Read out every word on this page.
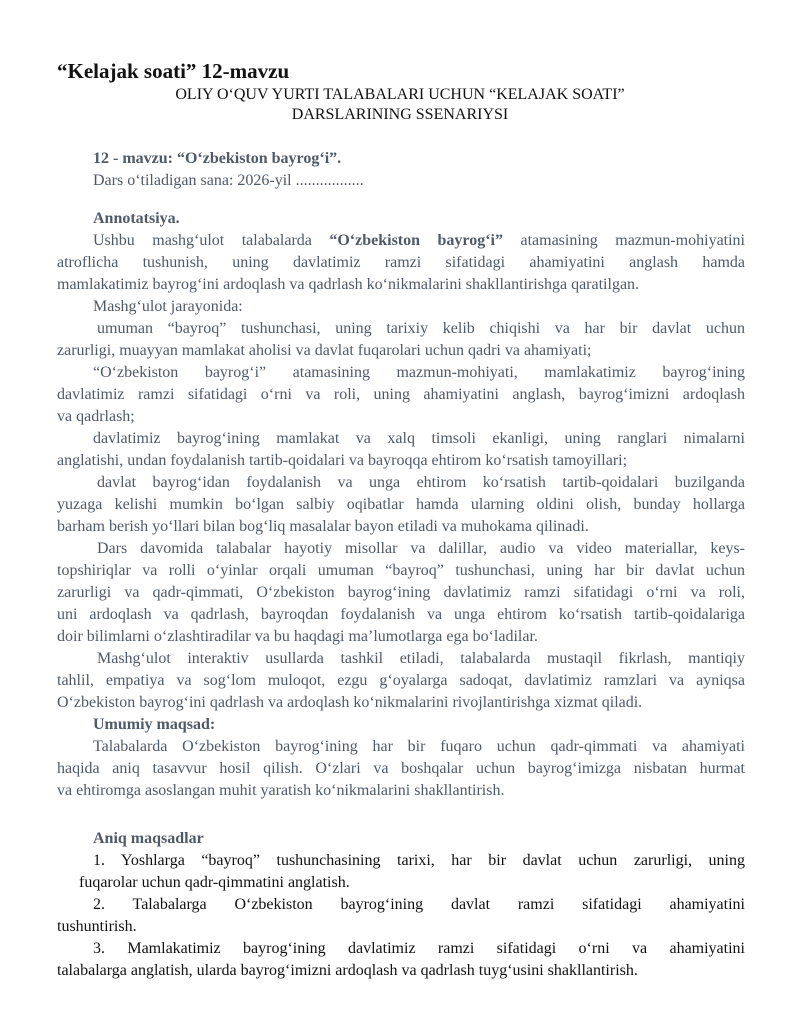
“Kelajak soati” 12-mavzu
OLIY O‘QUV YURTI TALABALARI UCHUN “KELAJAK SOATI”
DARSLARINING SSENARIYSI
12 - mavzu: “O‘zbekiston bayrog‘i”.
Dars o‘tiladigan sana: 2026-yil .................
Annotatsiya.
Ushbu mashg‘ulot talabalarda “O‘zbekiston bayrog‘i” atamasining mazmun-mohiyatini
atroflicha tushunish, uning davlatimiz ramzi sifatidagi ahamiyatini anglash hamda
mamlakatimiz bayrog‘ini ardoqlash va qadrlash ko‘nikmalarini shakllantirishga qaratilgan.
Mashg‘ulot jarayonida:
umuman “bayroq” tushunchasi, uning tarixiy kelib chiqishi va har bir davlat uchun
zarurligi, muayyan mamlakat aholisi va davlat fuqarolari uchun qadri va ahamiyati;
“O‘zbekiston bayrog‘i” atamasining mazmun-mohiyati, mamlakatimiz bayrog‘ining
davlatimiz ramzi sifatidagi o‘rni va roli, uning ahamiyatini anglash, bayrog‘imizni ardoqlash
va qadrlash;
davlatimiz bayrog‘ining mamlakat va xalq timsoli ekanligi, uning ranglari nimalarni
anglatishi, undan foydalanish tartib-qoidalari va bayroqqa ehtirom ko‘rsatish tamoyillari;
davlat bayrog‘idan foydalanish va unga ehtirom ko‘rsatish tartib-qoidalari buzilganda
yuzaga kelishi mumkin bo‘lgan salbiy oqibatlar hamda ularning oldini olish, bunday hollarga
barham berish yo‘llari bilan bog‘liq masalalar bayon etiladi va muhokama qilinadi.
Dars davomida talabalar hayotiy misollar va dalillar, audio va video materiallar, keys-
topshiriqlar va rolli o‘yinlar orqali umuman “bayroq” tushunchasi, uning har bir davlat uchun
zarurligi va qadr-qimmati, O‘zbekiston bayrog‘ining davlatimiz ramzi sifatidagi o‘rni va roli,
uni ardoqlash va qadrlash, bayroqdan foydalanish va unga ehtirom ko‘rsatish tartib-qoidalariga
doir bilimlarni o‘zlashtiradilar va bu haqdagi ma’lumotlarga ega bo‘ladilar.
Mashg‘ulot interaktiv usullarda tashkil etiladi, talabalarda mustaqil fikrlash, mantiqiy
tahlil, empatiya va sog‘lom muloqot, ezgu g‘oyalarga sadoqat, davlatimiz ramzlari va ayniqsa
O‘zbekiston bayrog‘ini qadrlash va ardoqlash ko‘nikmalarini rivojlantirishga xizmat qiladi.
Umumiy maqsad:
Talabalarda O‘zbekiston bayrog‘ining har bir fuqaro uchun qadr-qimmati va ahamiyati
haqida aniq tasavvur hosil qilish. O‘zlari va boshqalar uchun bayrog‘imizga nisbatan hurmat
va ehtiromga asoslangan muhit yaratish ko‘nikmalarini shakllantirish.
Aniq maqsadlar
1. Yoshlarga “bayroq” tushunchasining tarixi, har bir davlat uchun zarurligi, uning
fuqarolar uchun qadr-qimmatini anglatish.
2. Talabalarga O‘zbekiston bayrog‘ining davlat ramzi sifatidagi ahamiyatini
tushuntirish.
3. Mamlakatimiz bayrog‘ining davlatimiz ramzi sifatidagi o‘rni va ahamiyatini
talabalarga anglatish, ularda bayrog‘imizni ardoqlash va qadrlash tuyg‘usini shakllantirish.
